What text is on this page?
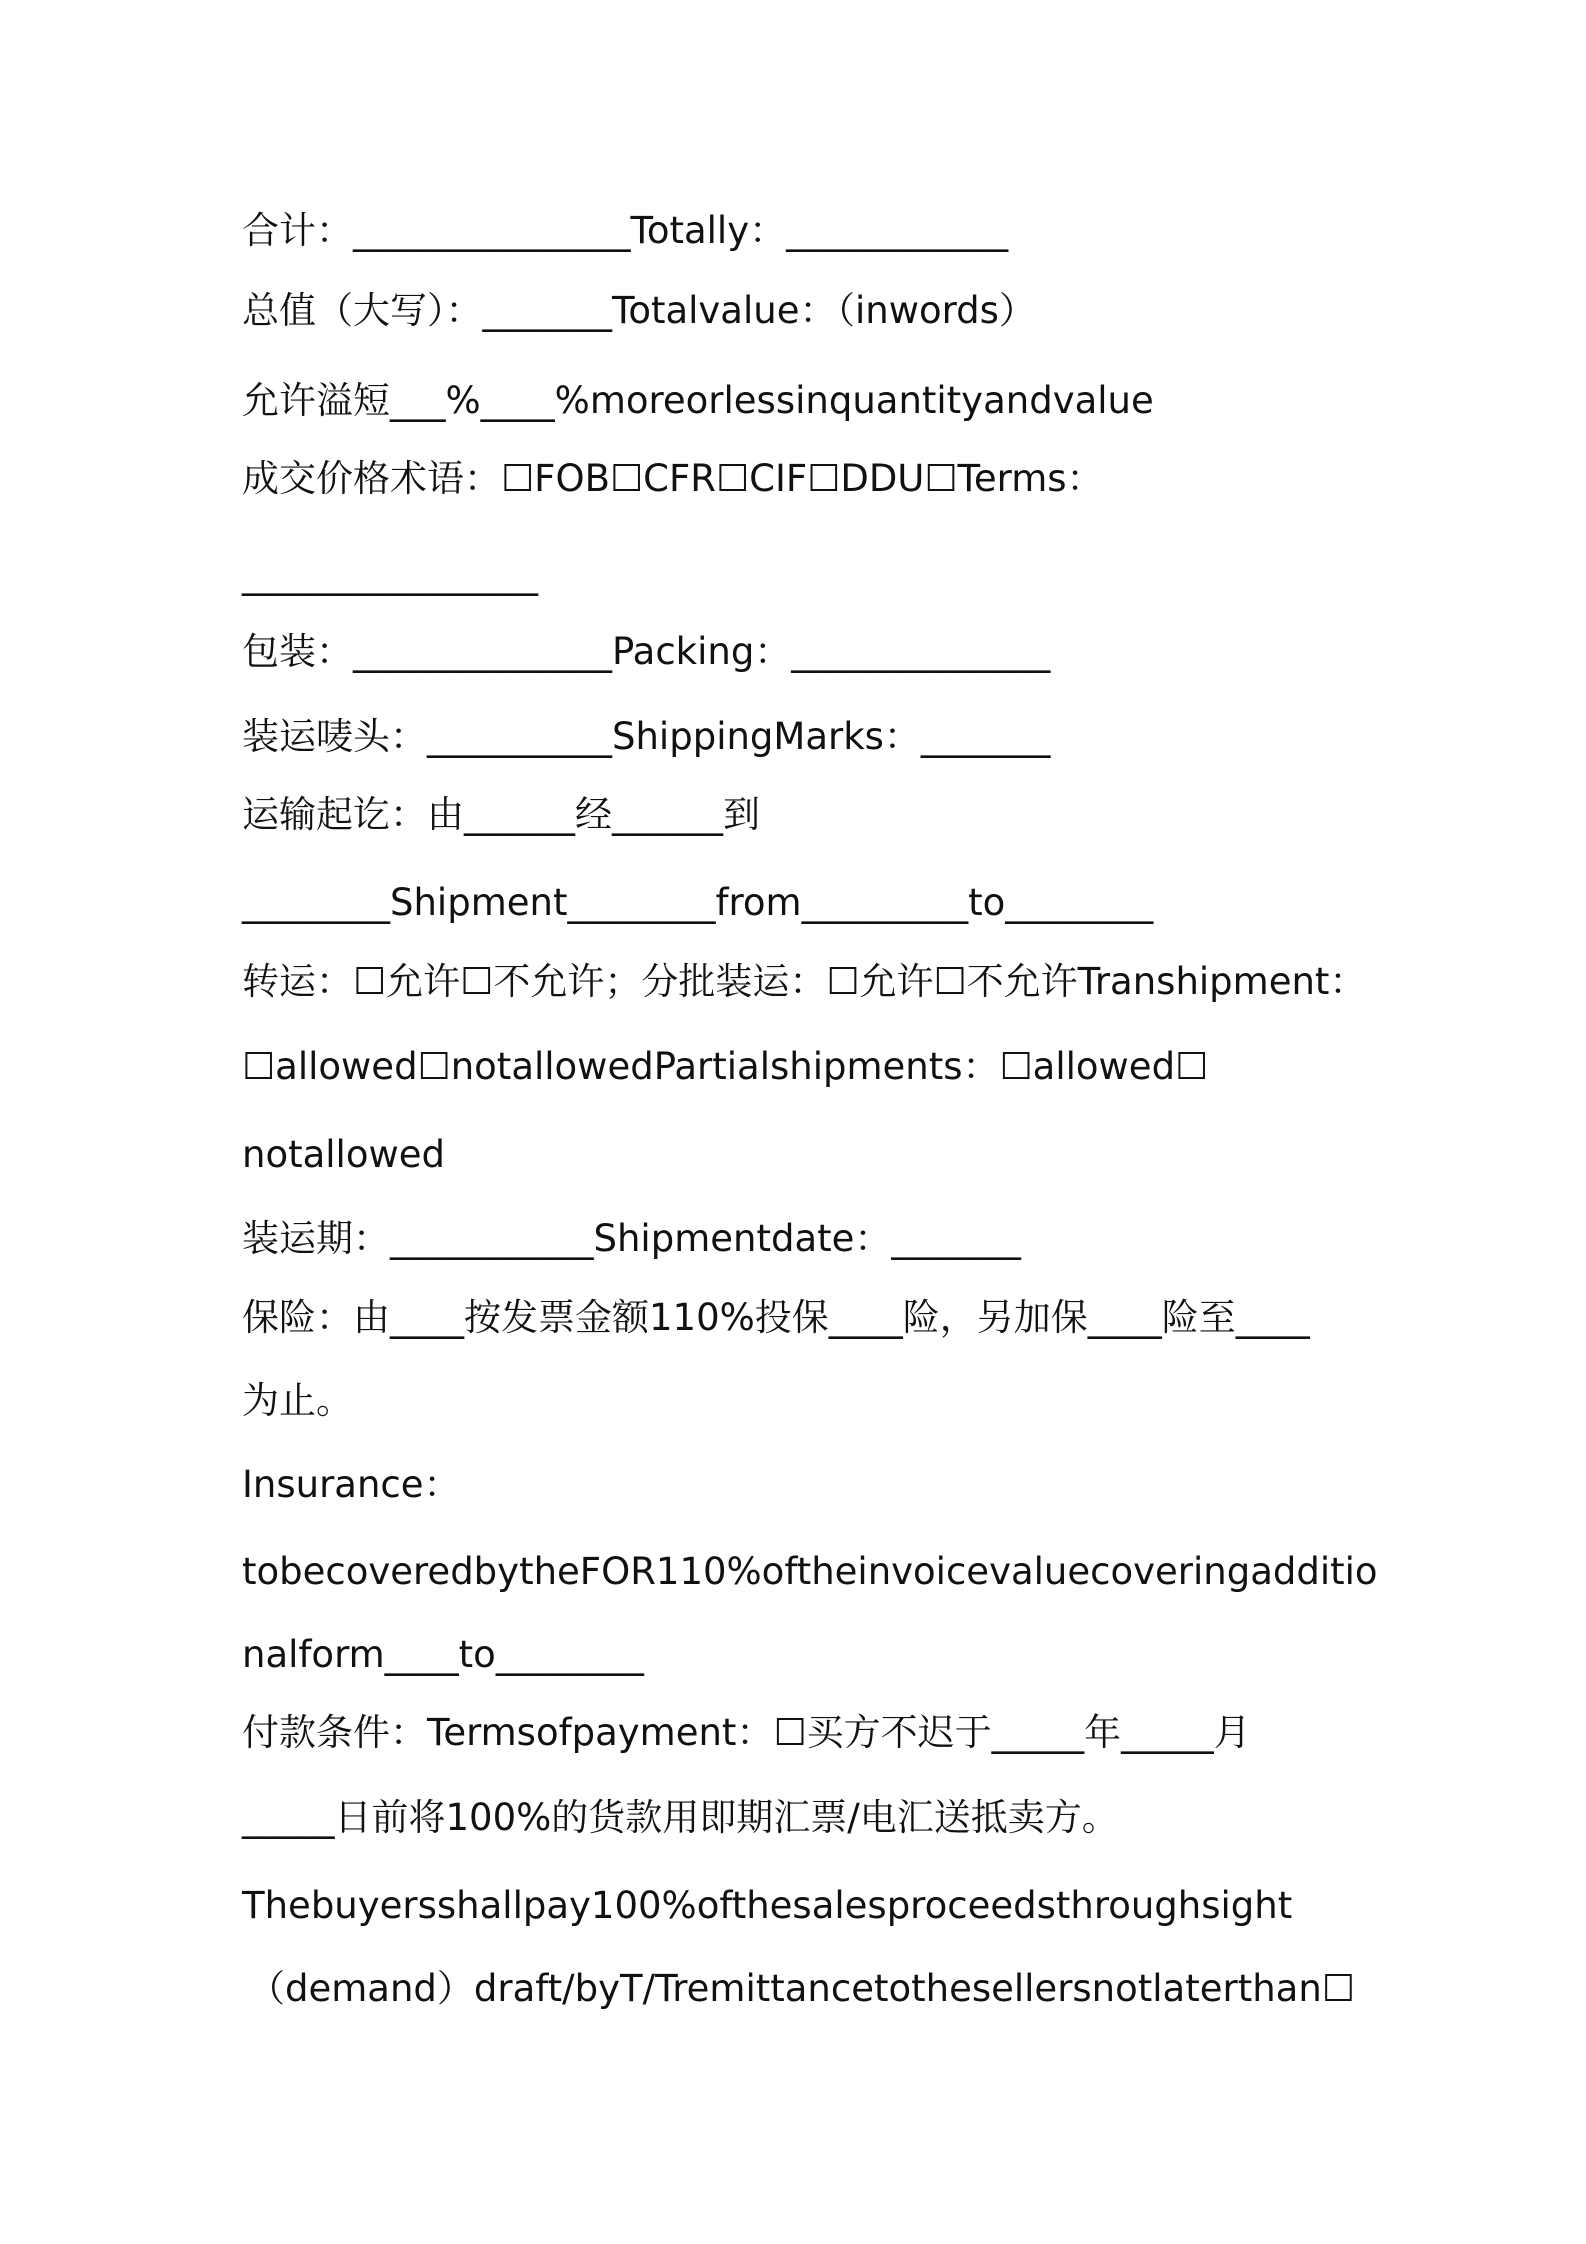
合计：_______________Totally：____________
总值（大写）：_______Totalvalue：（inwords）
允许溢短___%____%moreorlessinquantityandvalue
成交价格术语：☐FOB☐CFR☐CIF☐DDU☐Terms：
________________
包装：______________Packing：______________
装运唛头：__________ShippingMarks：_______
运输起讫：由______经______到
________Shipment________from_________to________
转运：☐允许☐不允许；分批装运：☐允许☐不允许Transhipment：
☐allowed☐notallowedPartialshipments：☐allowed☐
notallowed
装运期：___________Shipmentdate：_______
保险：由____按发票金额110%投保____险，另加保____险至____
为止。
Insurance：
tobecoveredbytheFOR110%oftheinvoicevaluecoveringadditio
nalform____to________
付款条件：Termsofpayment：☐买方不迟于_____年_____月
_____日前将100%的货款用即期汇票/电汇送抵卖方。
Thebuyersshallpay100%ofthesalesproceedsthroughsight
（demand）draft/byT/Tremittancetothesellersnotlaterthan☐
